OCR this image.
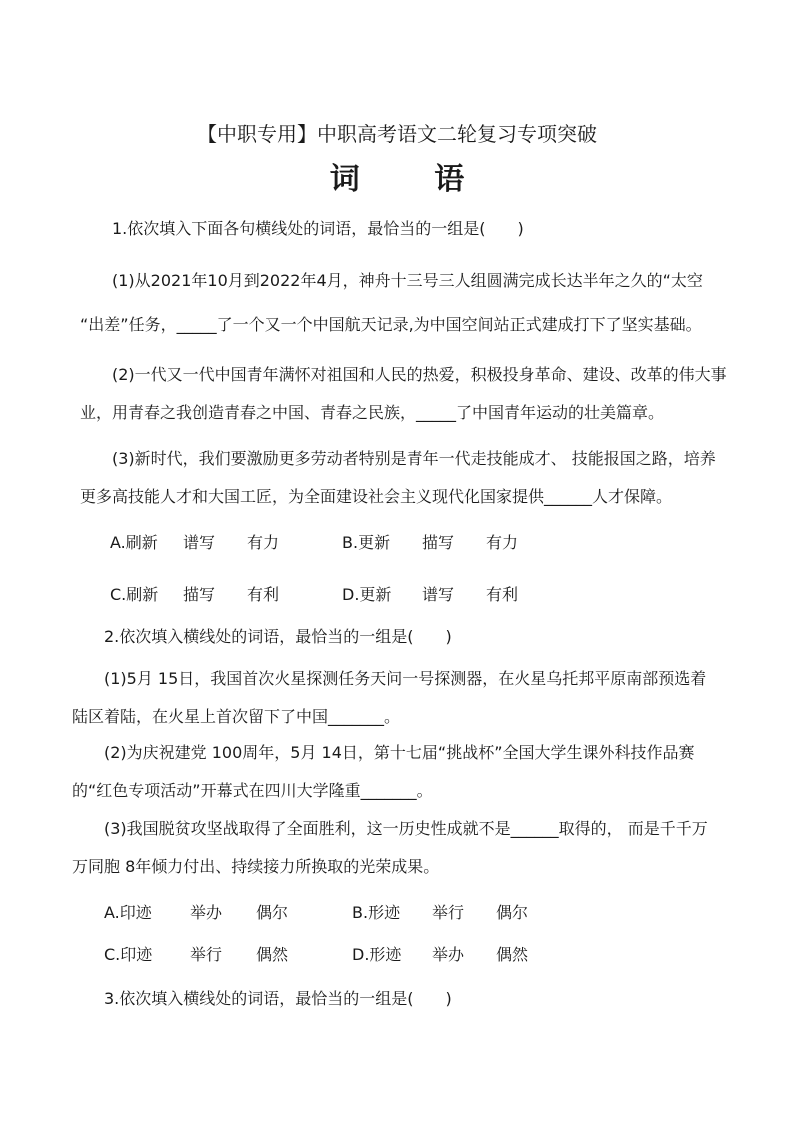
【中职专用】中职高考语文二轮复习专项突破
词 语
1.依次填入下面各句横线处的词语，最恰当的一组是(　　)
(1)从2021年10月到2022年4月，神舟十三号三人组圆满完成长达半年之久的“太空
“出差”任务，_____了一个又一个中国航天记录,为中国空间站正式建成打下了坚实基础。
(2)一代又一代中国青年满怀对祖国和人民的热爱，积极投身革命、建设、改革的伟大事
业，用青春之我创造青春之中国、青春之民族，_____了中国青年运动的壮美篇章。
(3)新时代，我们要激励更多劳动者特别是青年一代走技能成才、 技能报国之路，培养
更多高技能人才和大国工匠，为全面建设社会主义现代化国家提供______人才保障。
A.刷新 谱写 有力	B.更新 描写 有力
C.刷新 描写 有利	D.更新 谱写 有利
2.依次填入横线处的词语，最恰当的一组是(　　)
(1)5月 15日，我国首次火星探测任务天问一号探测器，在火星乌托邦平原南部预选着
陆区着陆，在火星上首次留下了中国_______。
(2)为庆祝建党 100周年，5月 14日，第十七届“挑战杯”全国大学生课外科技作品赛
的“红色专项活动”开幕式在四川大学隆重_______。
(3)我国脱贫攻坚战取得了全面胜利，这一历史性成就不是______取得的， 而是千千万
万同胞 8年倾力付出、持续接力所换取的光荣成果。
A.印迹 举办 偶尔	B.形迹 举行 偶尔
C.印迹 举行 偶然	D.形迹 举办 偶然
3.依次填入横线处的词语，最恰当的一组是(　　)
